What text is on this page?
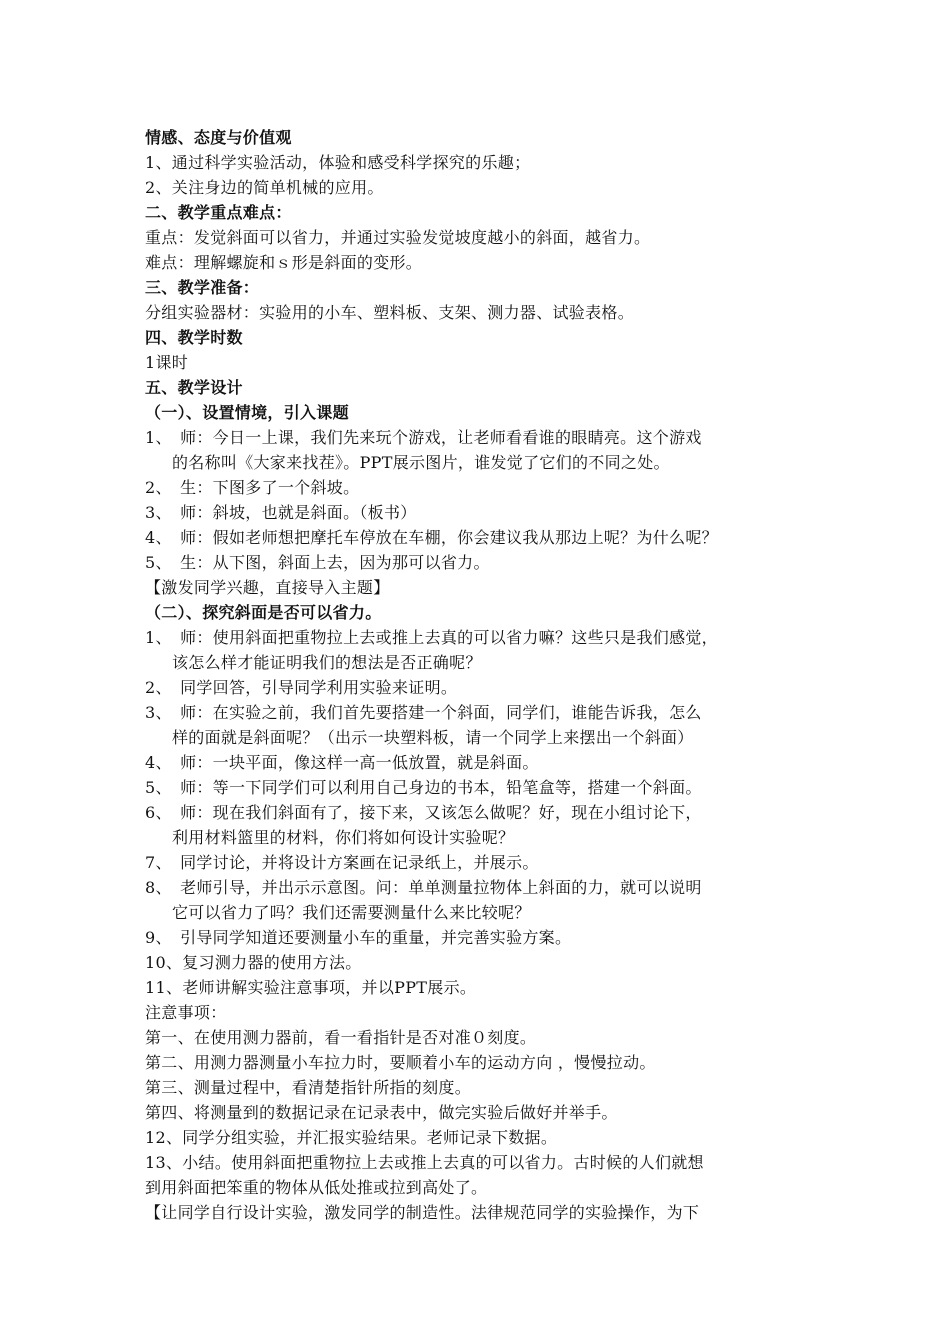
情感、态度与价值观
1、通过科学实验活动，体验和感受科学探究的乐趣；
2、关注身边的简单机械的应用。
二、教学重点难点：
重点：发觉斜面可以省力，并通过实验发觉坡度越小的斜面，越省力。
难点：理解螺旋和ｓ形是斜面的变形。
三、教学准备：
分组实验器材：实验用的小车、塑料板、支架、测力器、试验表格。
四、教学时数
1课时
五、教学设计
（一）、设置情境，引入课题
1、　师：今日一上课，我们先来玩个游戏，让老师看看谁的眼睛亮。这个游戏
的名称叫《大家来找茬》。PPT展示图片，谁发觉了它们的不同之处。
2、　生：下图多了一个斜坡。
3、　师：斜坡，也就是斜面。（板书）
4、　师：假如老师想把摩托车停放在车棚，你会建议我从那边上呢？为什么呢？
5、　生：从下图，斜面上去，因为那可以省力。
【激发同学兴趣，直接导入主题】
（二）、探究斜面是否可以省力。
1、　师：使用斜面把重物拉上去或推上去真的可以省力嘛？这些只是我们感觉，
该怎么样才能证明我们的想法是否正确呢？
2、　同学回答，引导同学利用实验来证明。
3、　师：在实验之前，我们首先要搭建一个斜面，同学们，谁能告诉我，怎么
样的面就是斜面呢？（出示一块塑料板，请一个同学上来摆出一个斜面）
4、　师：一块平面，像这样一高一低放置，就是斜面。
5、　师：等一下同学们可以利用自己身边的书本，铅笔盒等，搭建一个斜面。
6、　师：现在我们斜面有了，接下来，又该怎么做呢？好，现在小组讨论下，
利用材料篮里的材料，你们将如何设计实验呢？
7、　同学讨论，并将设计方案画在记录纸上，并展示。
8、　老师引导，并出示示意图。问：单单测量拉物体上斜面的力，就可以说明
它可以省力了吗？我们还需要测量什么来比较呢？
9、　引导同学知道还要测量小车的重量，并完善实验方案。
10、复习测力器的使用方法。
11、老师讲解实验注意事项，并以PPT展示。
注意事项：
第一、在使用测力器前，看一看指针是否对准０刻度。
第二、用测力器测量小车拉力时，要顺着小车的运动方向 ，慢慢拉动。
第三、测量过程中，看清楚指针所指的刻度。
第四、将测量到的数据记录在记录表中，做完实验后做好并举手。
12、同学分组实验，并汇报实验结果。老师记录下数据。
13、小结。使用斜面把重物拉上去或推上去真的可以省力。古时候的人们就想
到用斜面把笨重的物体从低处推或拉到高处了。
【让同学自行设计实验，激发同学的制造性。法律规范同学的实验操作，为下
